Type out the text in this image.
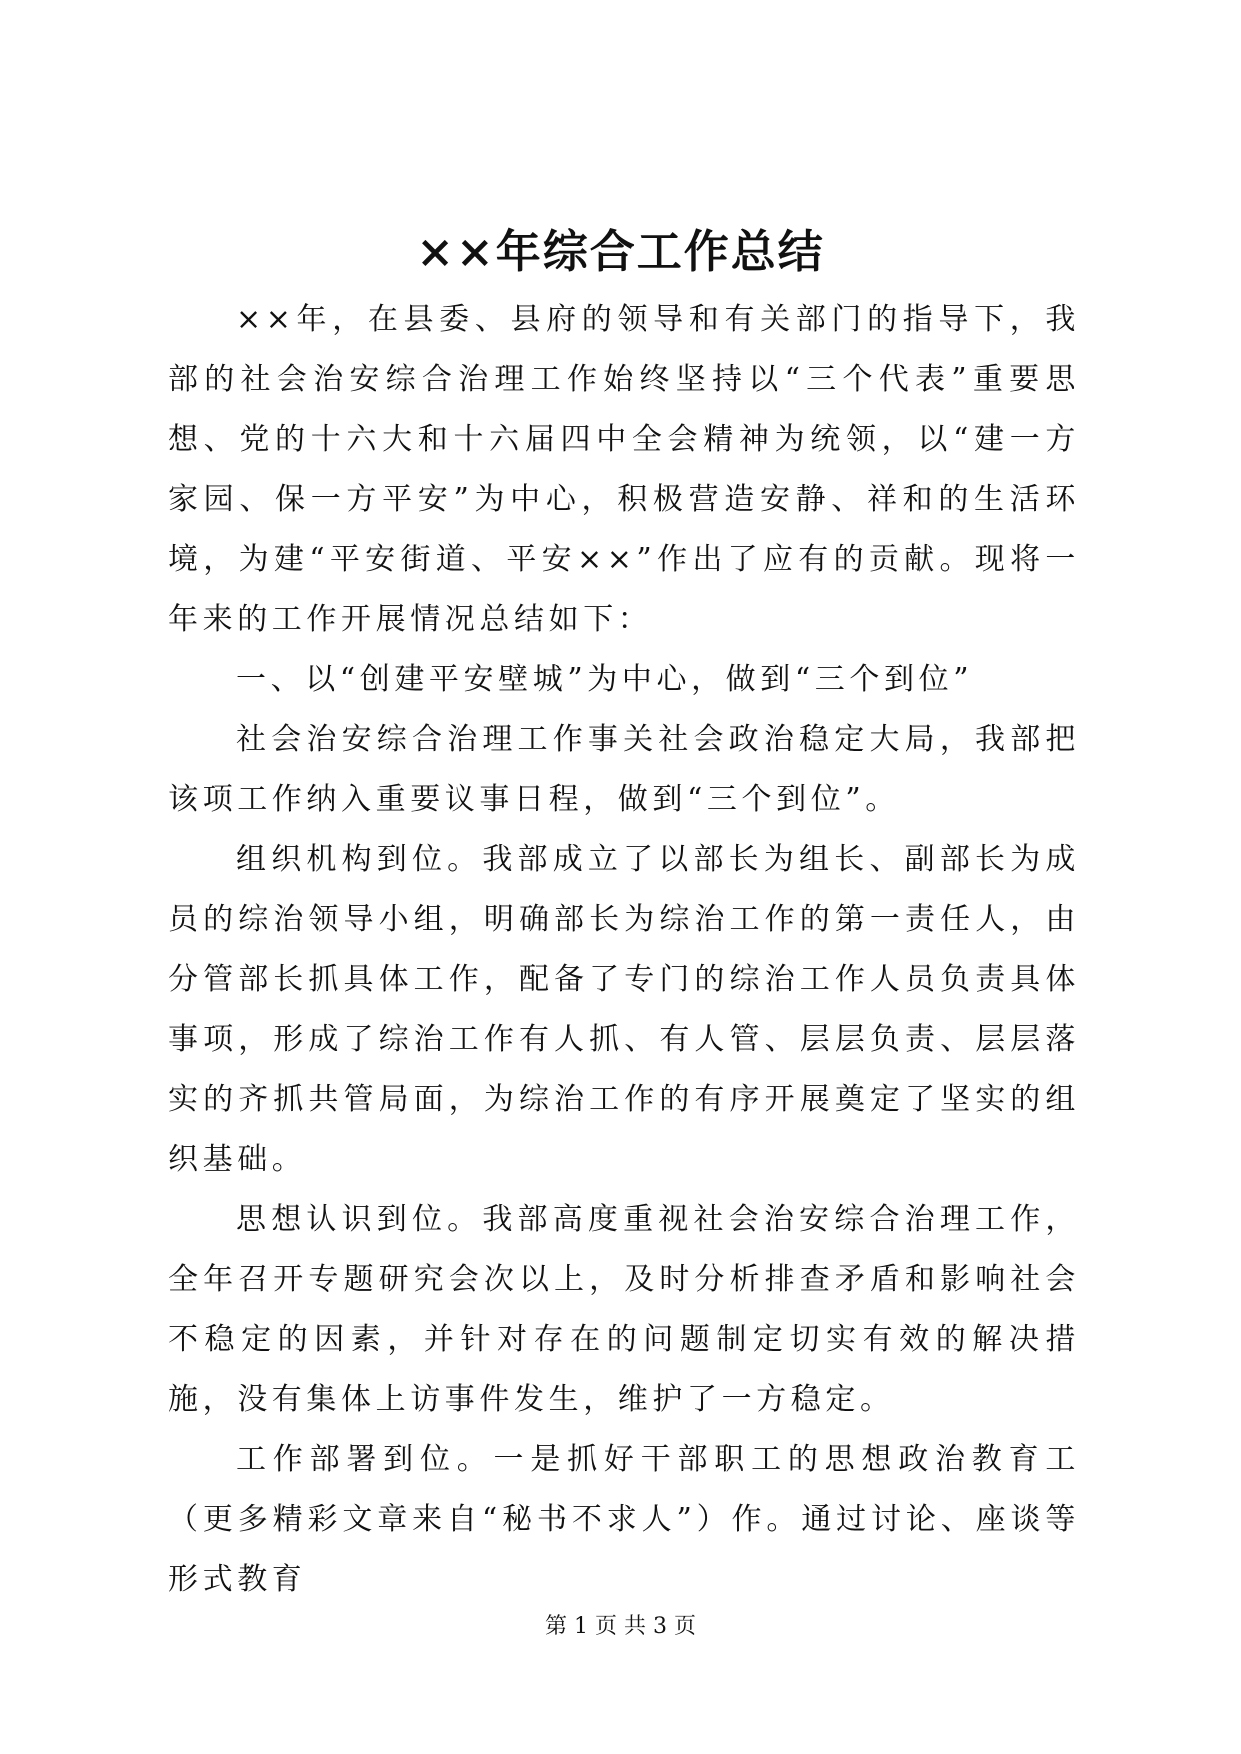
××年综合工作总结

××年，在县委、县府的领导和有关部门的指导下，我部的社会治安综合治理工作始终坚持以“三个代表”重要思想、党的十六大和十六届四中全会精神为统领，以“建一方家园、保一方平安”为中心，积极营造安静、祥和的生活环境，为建“平安街道、平安××”作出了应有的贡献。现将一年来的工作开展情况总结如下：

一、以“创建平安壁城”为中心，做到“三个到位”

社会治安综合治理工作事关社会政治稳定大局，我部把该项工作纳入重要议事日程，做到“三个到位”。

组织机构到位。我部成立了以部长为组长、副部长为成员的综治领导小组，明确部长为综治工作的第一责任人，由分管部长抓具体工作，配备了专门的综治工作人员负责具体事项，形成了综治工作有人抓、有人管、层层负责、层层落实的齐抓共管局面，为综治工作的有序开展奠定了坚实的组织基础。

思想认识到位。我部高度重视社会治安综合治理工作，全年召开专题研究会次以上，及时分析排查矛盾和影响社会不稳定的因素，并针对存在的问题制定切实有效的解决措施，没有集体上访事件发生，维护了一方稳定。

工作部署到位。一是抓好干部职工的思想政治教育工（更多精彩文章来自“秘书不求人”）作。通过讨论、座谈等形式教育

第 1 页 共 3 页
